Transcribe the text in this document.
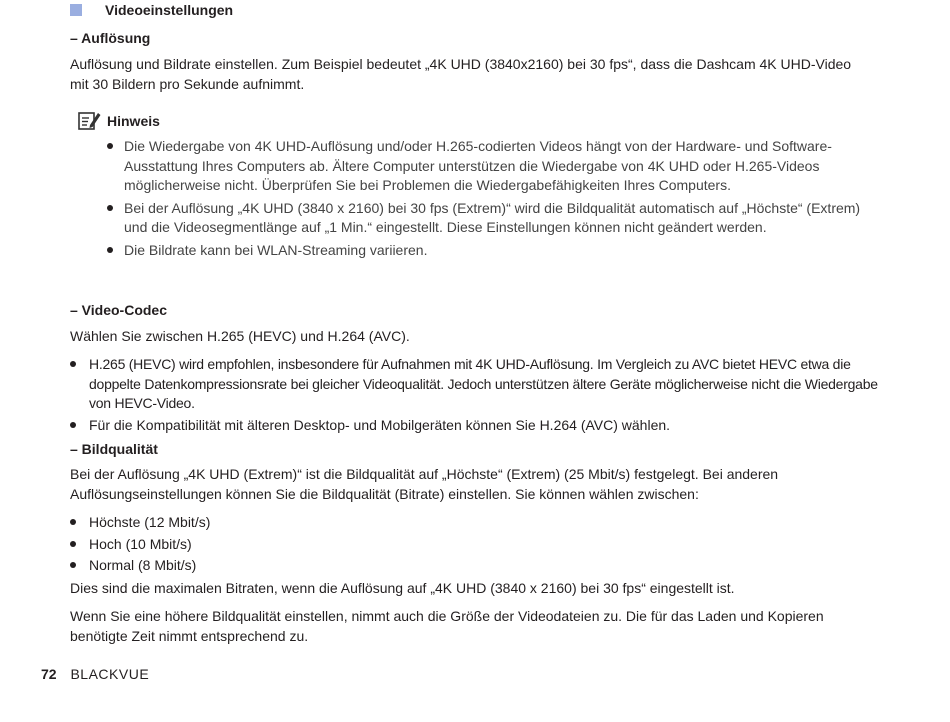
Videoeinstellungen
– Auflösung
Auflösung und Bildrate einstellen. Zum Beispiel bedeutet „4K UHD (3840x2160) bei 30 fps“, dass die Dashcam 4K UHD-Video mit 30 Bildern pro Sekunde aufnimmt.
Hinweis
Die Wiedergabe von 4K UHD-Auflösung und/oder H.265-codierten Videos hängt von der Hardware- und Software-Ausstattung Ihres Computers ab. Ältere Computer unterstützen die Wiedergabe von 4K UHD oder H.265-Videos möglicherweise nicht. Überprüfen Sie bei Problemen die Wiedergabefähigkeiten Ihres Computers.
Bei der Auflösung „4K UHD (3840 x 2160) bei 30 fps (Extrem)“ wird die Bildqualität automatisch auf „Höchste“ (Extrem) und die Videosegmentlänge auf „1 Min.“ eingestellt. Diese Einstellungen können nicht geändert werden.
Die Bildrate kann bei WLAN-Streaming variieren.
– Video-Codec
Wählen Sie zwischen H.265 (HEVC) und H.264 (AVC).
H.265 (HEVC) wird empfohlen, insbesondere für Aufnahmen mit 4K UHD-Auflösung. Im Vergleich zu AVC bietet HEVC etwa die doppelte Datenkompressionsrate bei gleicher Videoqualität. Jedoch unterstützen ältere Geräte möglicherweise nicht die Wiedergabe von HEVC-Video.
Für die Kompatibilität mit älteren Desktop- und Mobilgeräten können Sie H.264 (AVC) wählen.
– Bildqualität
Bei der Auflösung „4K UHD (Extrem)“ ist die Bildqualität auf „Höchste“ (Extrem) (25 Mbit/s) festgelegt. Bei anderen Auflösungseinstellungen können Sie die Bildqualität (Bitrate) einstellen. Sie können wählen zwischen:
Höchste (12 Mbit/s)
Hoch (10 Mbit/s)
Normal (8 Mbit/s)
Dies sind die maximalen Bitraten, wenn die Auflösung auf „4K UHD (3840 x 2160) bei 30 fps“ eingestellt ist.
Wenn Sie eine höhere Bildqualität einstellen, nimmt auch die Größe der Videodateien zu. Die für das Laden und Kopieren benötigte Zeit nimmt entsprechend zu.
72 BLACKVUE
